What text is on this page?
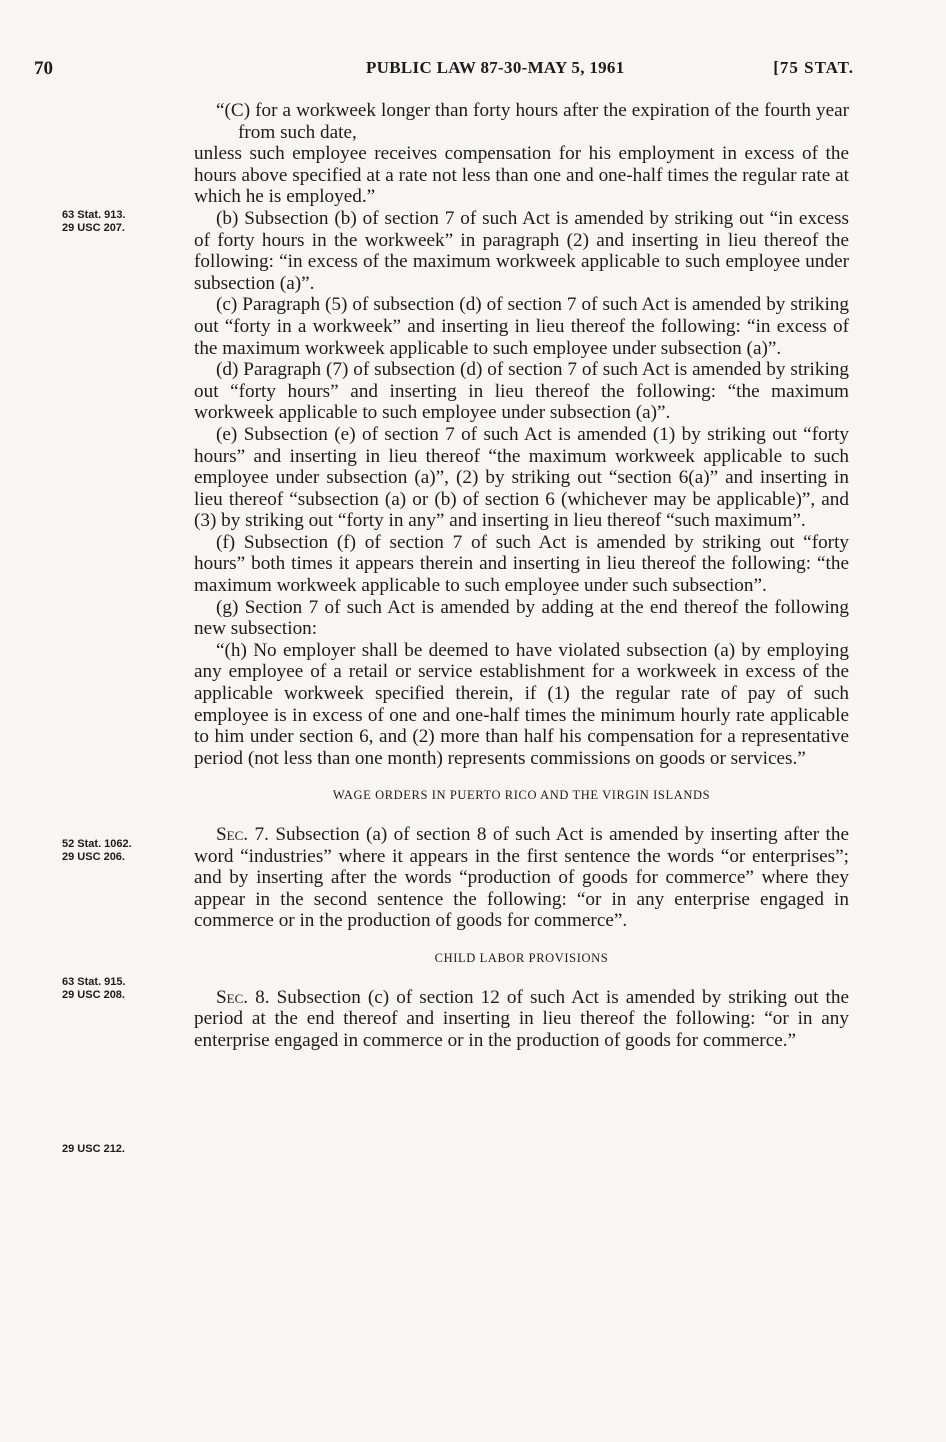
70	PUBLIC LAW 87-30-MAY 5, 1961	[75 STAT.
63 Stat. 913.
29 USC 207.
52 Stat. 1062.
29 USC 206.
63 Stat. 915.
29 USC 208.
29 USC 212.

“(C) for a workweek longer than forty hours after the expiration of the fourth year from such date,

unless such employee receives compensation for his employment in excess of the hours above specified at a rate not less than one and one-half times the regular rate at which he is employed.”

(b) Subsection (b) of section 7 of such Act is amended by striking out “in excess of forty hours in the workweek” in paragraph (2) and inserting in lieu thereof the following: “in excess of the maximum workweek applicable to such employee under subsection (a)”.

(c) Paragraph (5) of subsection (d) of section 7 of such Act is amended by striking out “forty in a workweek” and inserting in lieu thereof the following: “in excess of the maximum workweek applicable to such employee under subsection (a)”.

(d) Paragraph (7) of subsection (d) of section 7 of such Act is amended by striking out “forty hours” and inserting in lieu thereof the following: “the maximum workweek applicable to such employee under subsection (a)”.

(e) Subsection (e) of section 7 of such Act is amended (1) by striking out “forty hours” and inserting in lieu thereof “the maximum workweek applicable to such employee under subsection (a)”, (2) by striking out “section 6(a)” and inserting in lieu thereof “subsection (a) or (b) of section 6 (whichever may be applicable)”, and (3) by striking out “forty in any” and inserting in lieu thereof “such maximum”.

(f) Subsection (f) of section 7 of such Act is amended by striking out “forty hours” both times it appears therein and inserting in lieu thereof the following: “the maximum workweek applicable to such employee under such subsection”.

(g) Section 7 of such Act is amended by adding at the end thereof the following new subsection:

“(h) No employer shall be deemed to have violated subsection (a) by employing any employee of a retail or service establishment for a workweek in excess of the applicable workweek specified therein, if (1) the regular rate of pay of such employee is in excess of one and one-half times the minimum hourly rate applicable to him under section 6, and (2) more than half his compensation for a representative period (not less than one month) represents commissions on goods or services.”

WAGE ORDERS IN PUERTO RICO AND THE VIRGIN ISLANDS

Sec. 7. Subsection (a) of section 8 of such Act is amended by inserting after the word “industries” where it appears in the first sentence the words “or enterprises”; and by inserting after the words “production of goods for commerce” where they appear in the second sentence the following: “or in any enterprise engaged in commerce or in the production of goods for commerce”.

CHILD LABOR PROVISIONS

Sec. 8. Subsection (c) of section 12 of such Act is amended by striking out the period at the end thereof and inserting in lieu thereof the following: “or in any enterprise engaged in commerce or in the production of goods for commerce.”
